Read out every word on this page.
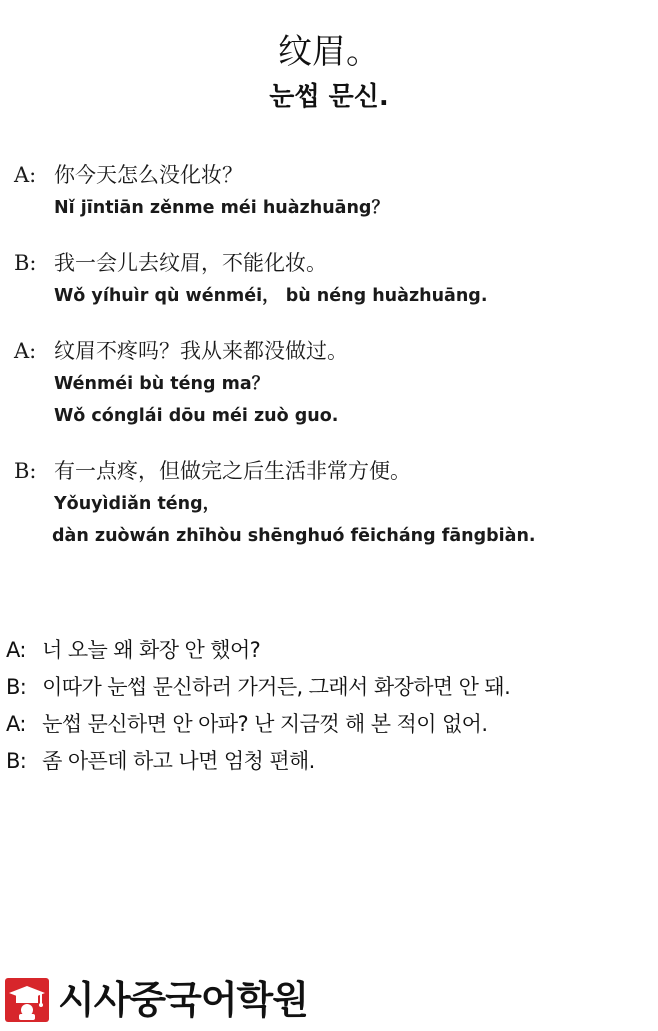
纹眉。
눈썹 문신.
A: 你今天怎么没化妆？
Nǐ jīntiān zěnme méi huàzhuāng？
B: 我一会儿去纹眉，不能化妆。
Wǒ yíhuìr qù wénméi， bù néng huàzhuāng.
A: 纹眉不疼吗？我从来都没做过。
Wénméi bù téng ma？
Wǒ cónglái dōu méi zuò guo.
B: 有一点疼，但做完之后生活非常方便。
Yǒuyìdiǎn téng，
dàn zuòwán zhīhòu shēnghuó fēicháng fāngbiàn.
A: 너 오늘 왜 화장 안 했어?
B: 이따가 눈썹 문신하러 가거든, 그래서 화장하면 안 돼.
A: 눈썹 문신하면 안 아파? 난 지금껏 해 본 적이 없어.
B: 좀 아픈데 하고 나면 엄청 편해.
시사중국어학원
